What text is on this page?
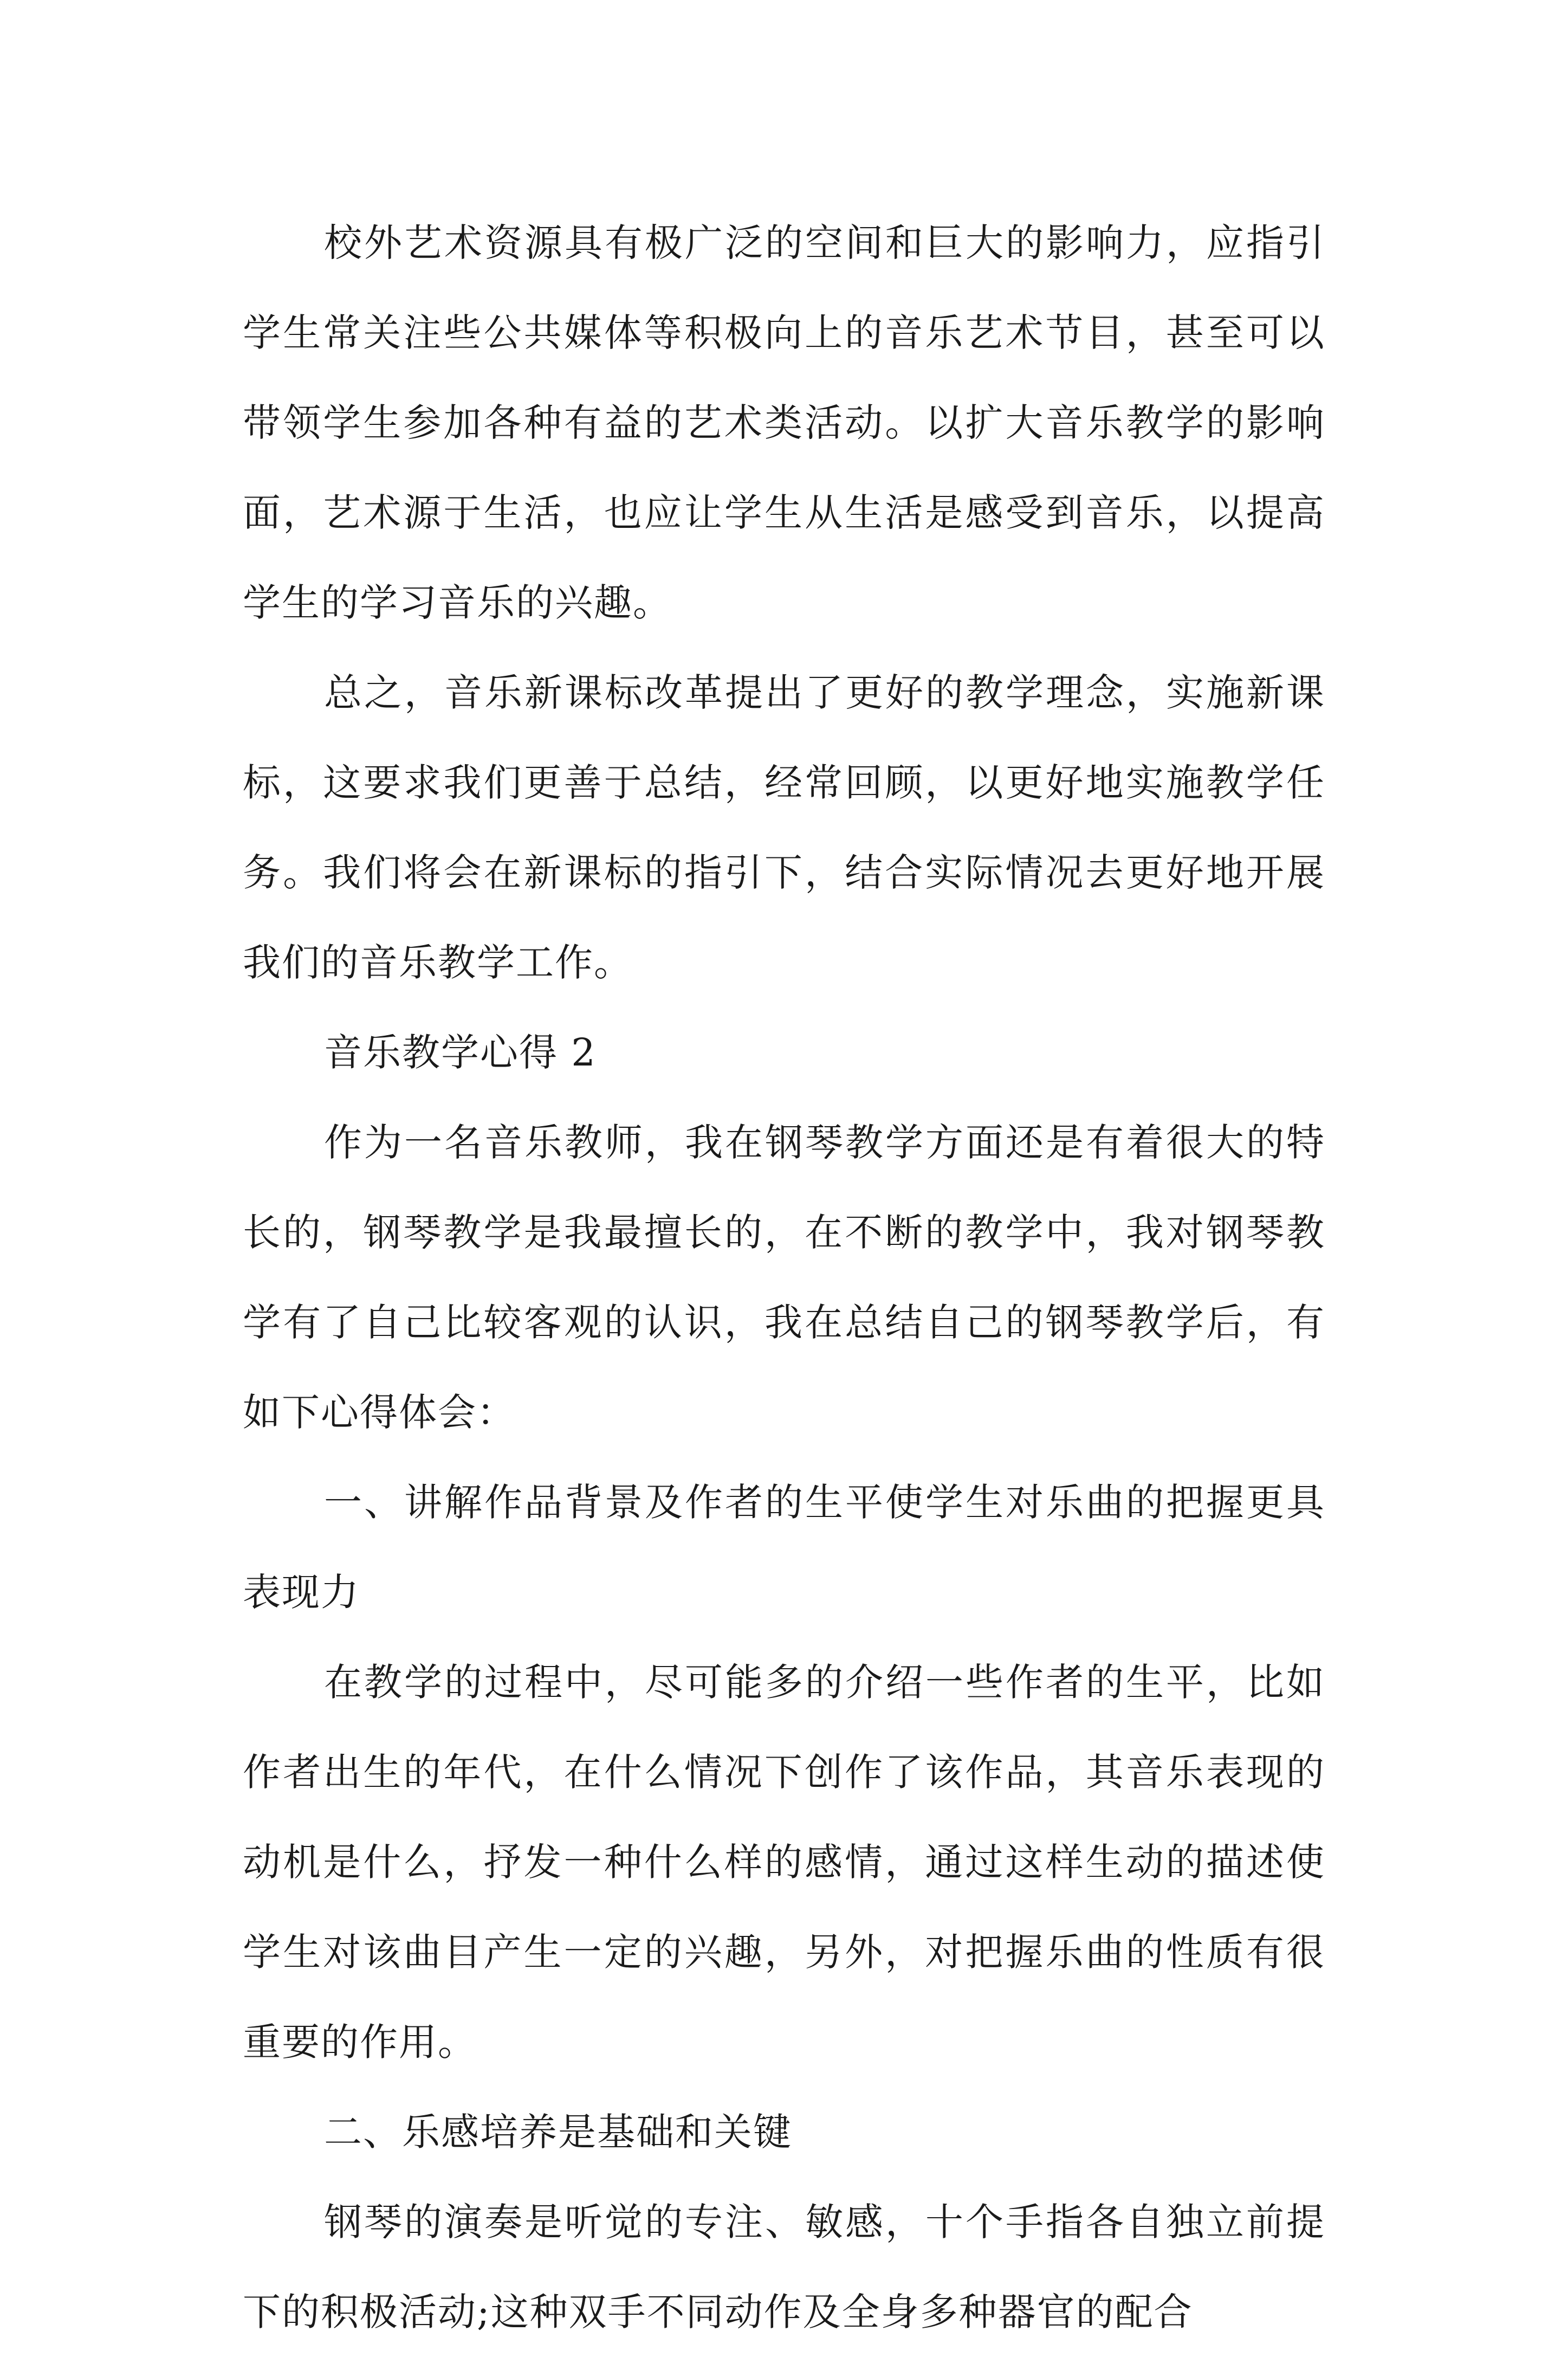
校外艺术资源具有极广泛的空间和巨大的影响力，应指引学生常关注些公共媒体等积极向上的音乐艺术节目，甚至可以带领学生参加各种有益的艺术类活动。以扩大音乐教学的影响面，艺术源于生活，也应让学生从生活是感受到音乐，以提高学生的学习音乐的兴趣。

总之，音乐新课标改革提出了更好的教学理念，实施新课标，这要求我们更善于总结，经常回顾，以更好地实施教学任务。我们将会在新课标的指引下，结合实际情况去更好地开展我们的音乐教学工作。

音乐教学心得 2

作为一名音乐教师，我在钢琴教学方面还是有着很大的特长的，钢琴教学是我最擅长的，在不断的教学中，我对钢琴教学有了自己比较客观的认识，我在总结自己的钢琴教学后，有如下心得体会：

一、讲解作品背景及作者的生平使学生对乐曲的把握更具表现力

在教学的过程中，尽可能多的介绍一些作者的生平，比如作者出生的年代，在什么情况下创作了该作品，其音乐表现的动机是什么，抒发一种什么样的感情，通过这样生动的描述使学生对该曲目产生一定的兴趣，另外，对把握乐曲的性质有很重要的作用。

二、乐感培养是基础和关键

钢琴的演奏是听觉的专注、敏感，十个手指各自独立前提下的积极活动;这种双手不同动作及全身多种器官的配合
